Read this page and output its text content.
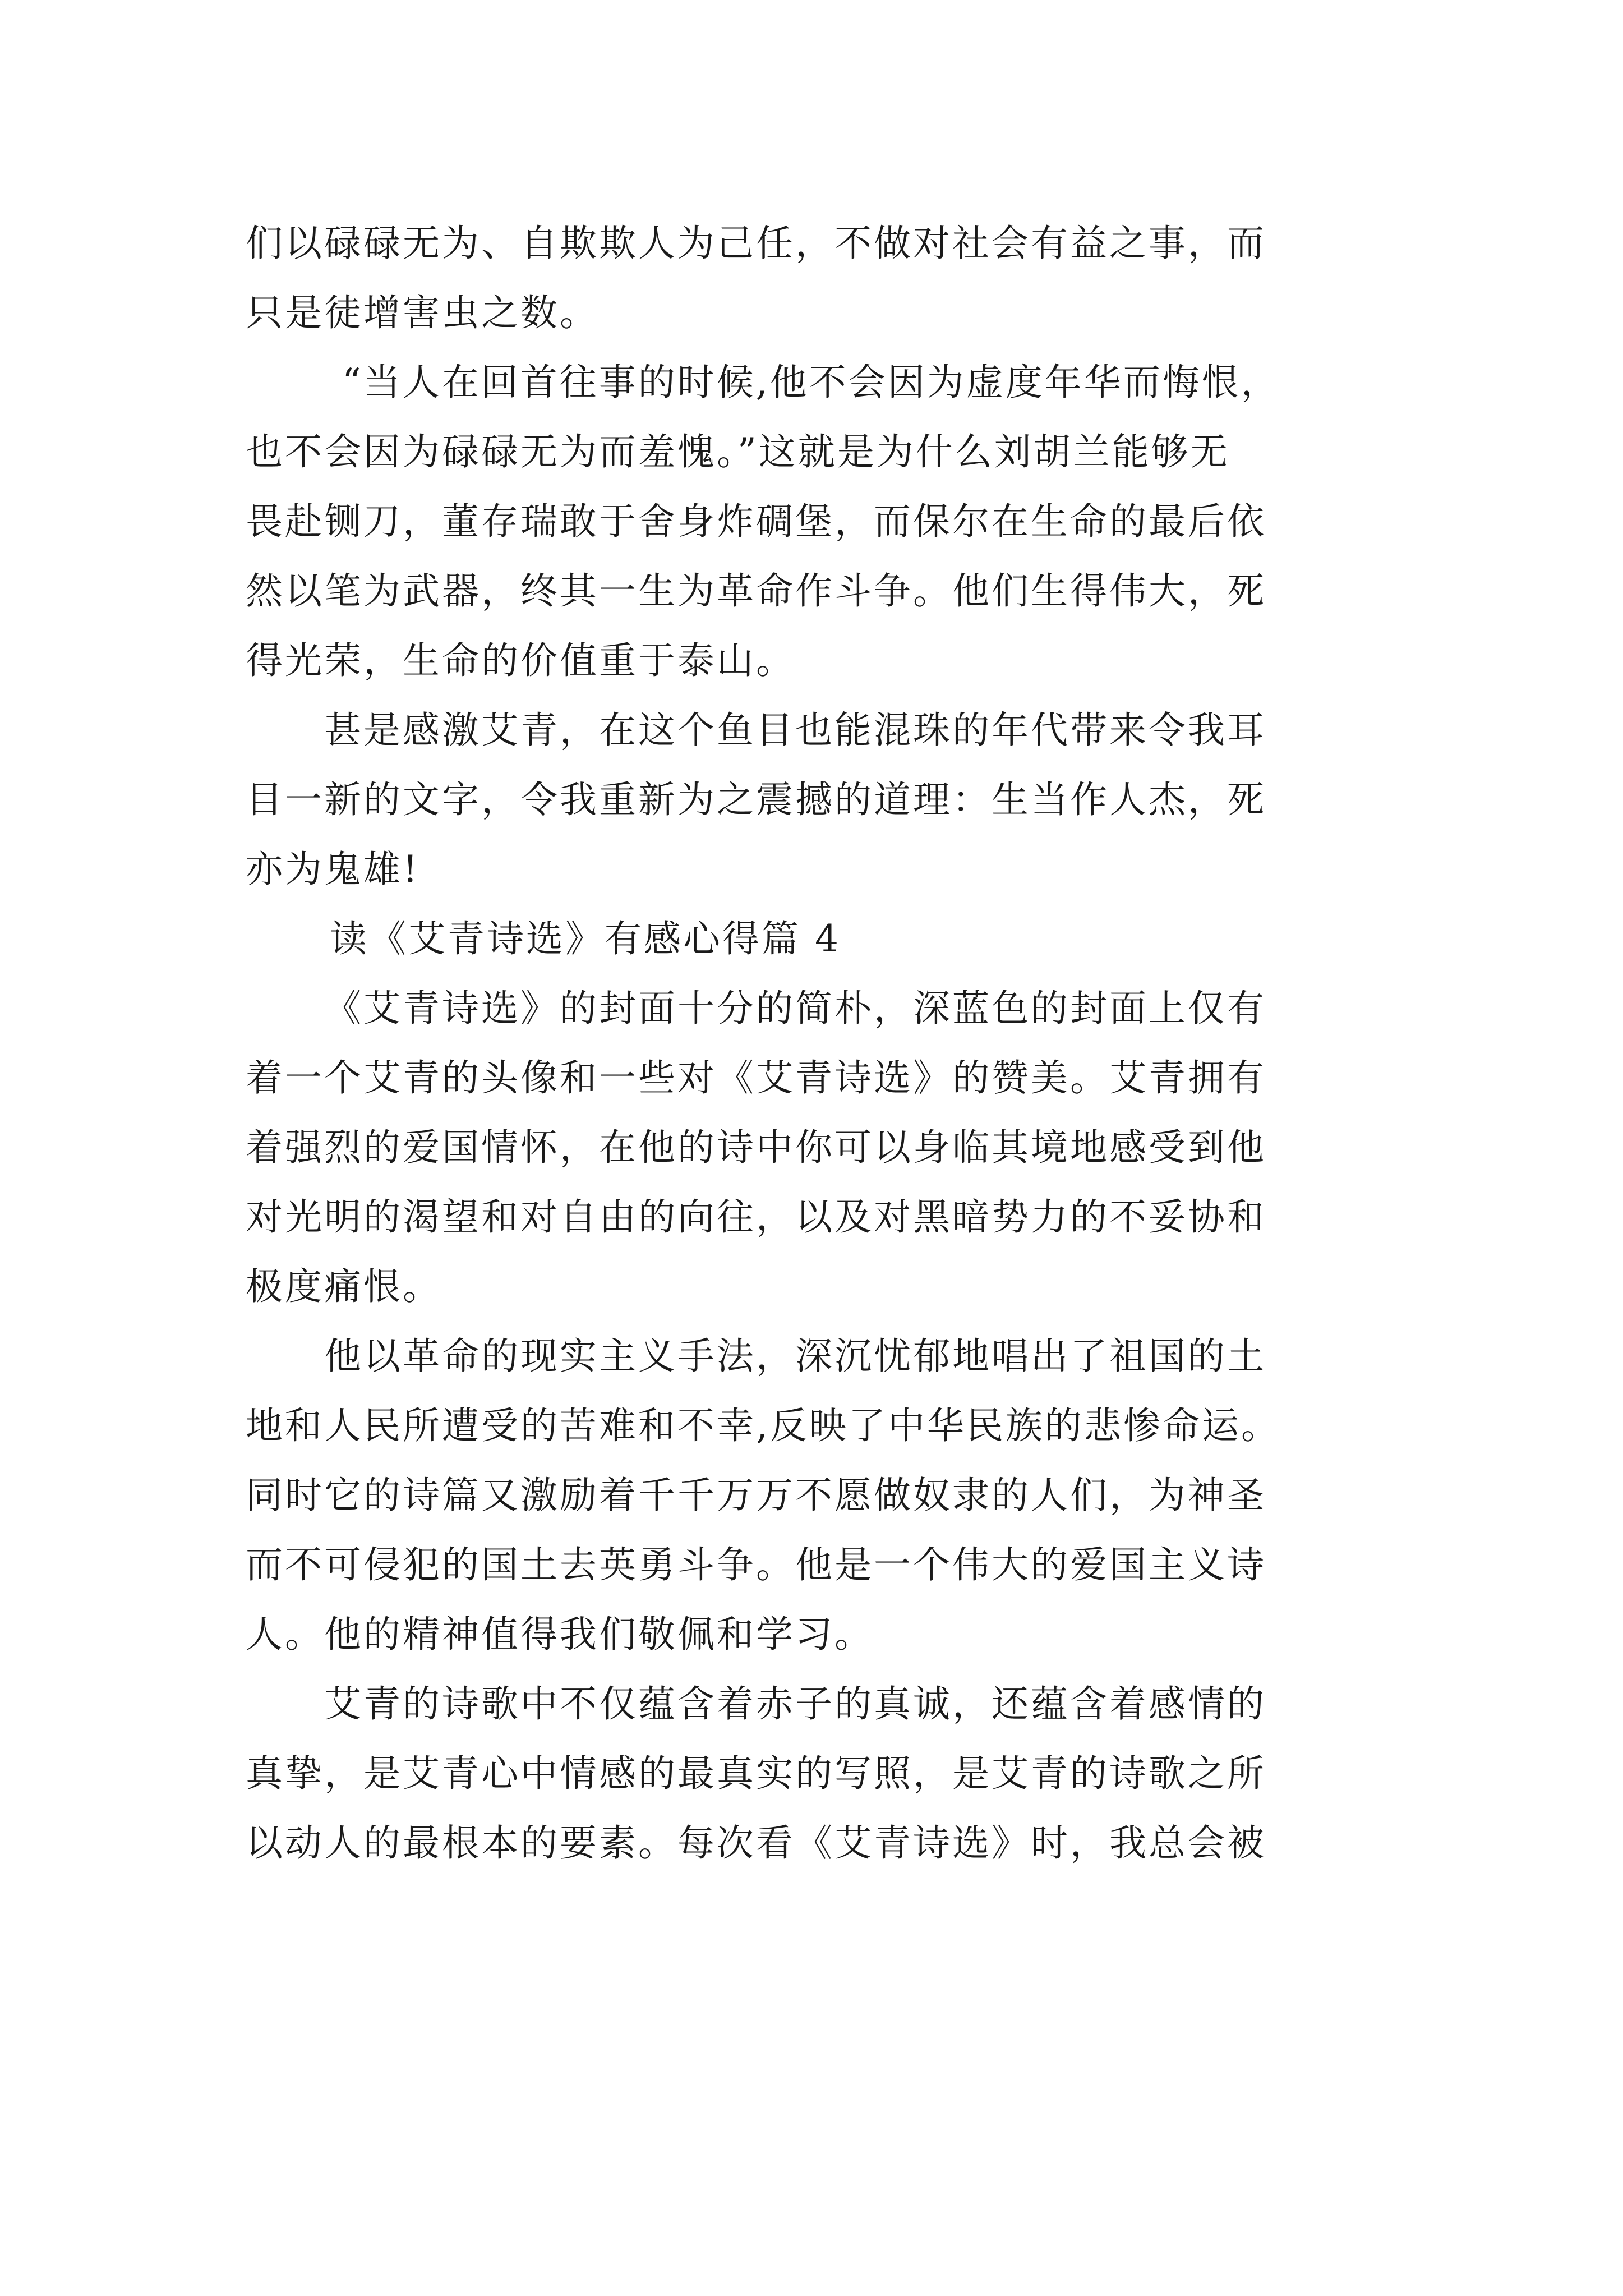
们以碌碌无为、自欺欺人为己任，不做对社会有益之事，而
只是徒增害虫之数。
“当人在回首往事的时候,他不会因为虚度年华而悔恨，
也不会因为碌碌无为而羞愧。”这就是为什么刘胡兰能够无
畏赴铡刀，董存瑞敢于舍身炸碉堡，而保尔在生命的最后依
然以笔为武器，终其一生为革命作斗争。他们生得伟大，死
得光荣，生命的价值重于泰山。
甚是感激艾青，在这个鱼目也能混珠的年代带来令我耳
目一新的文字，令我重新为之震撼的道理：生当作人杰，死
亦为鬼雄!
读《艾青诗选》有感心得篇 4
《艾青诗选》的封面十分的简朴，深蓝色的封面上仅有
着一个艾青的头像和一些对《艾青诗选》的赞美。艾青拥有
着强烈的爱国情怀，在他的诗中你可以身临其境地感受到他
对光明的渴望和对自由的向往，以及对黑暗势力的不妥协和
极度痛恨。
他以革命的现实主义手法，深沉忧郁地唱出了祖国的土
地和人民所遭受的苦难和不幸,反映了中华民族的悲惨命运。
同时它的诗篇又激励着千千万万不愿做奴隶的人们，为神圣
而不可侵犯的国土去英勇斗争。他是一个伟大的爱国主义诗
人。他的精神值得我们敬佩和学习。
艾青的诗歌中不仅蕴含着赤子的真诚，还蕴含着感情的
真挚，是艾青心中情感的最真实的写照，是艾青的诗歌之所
以动人的最根本的要素。每次看《艾青诗选》时，我总会被
